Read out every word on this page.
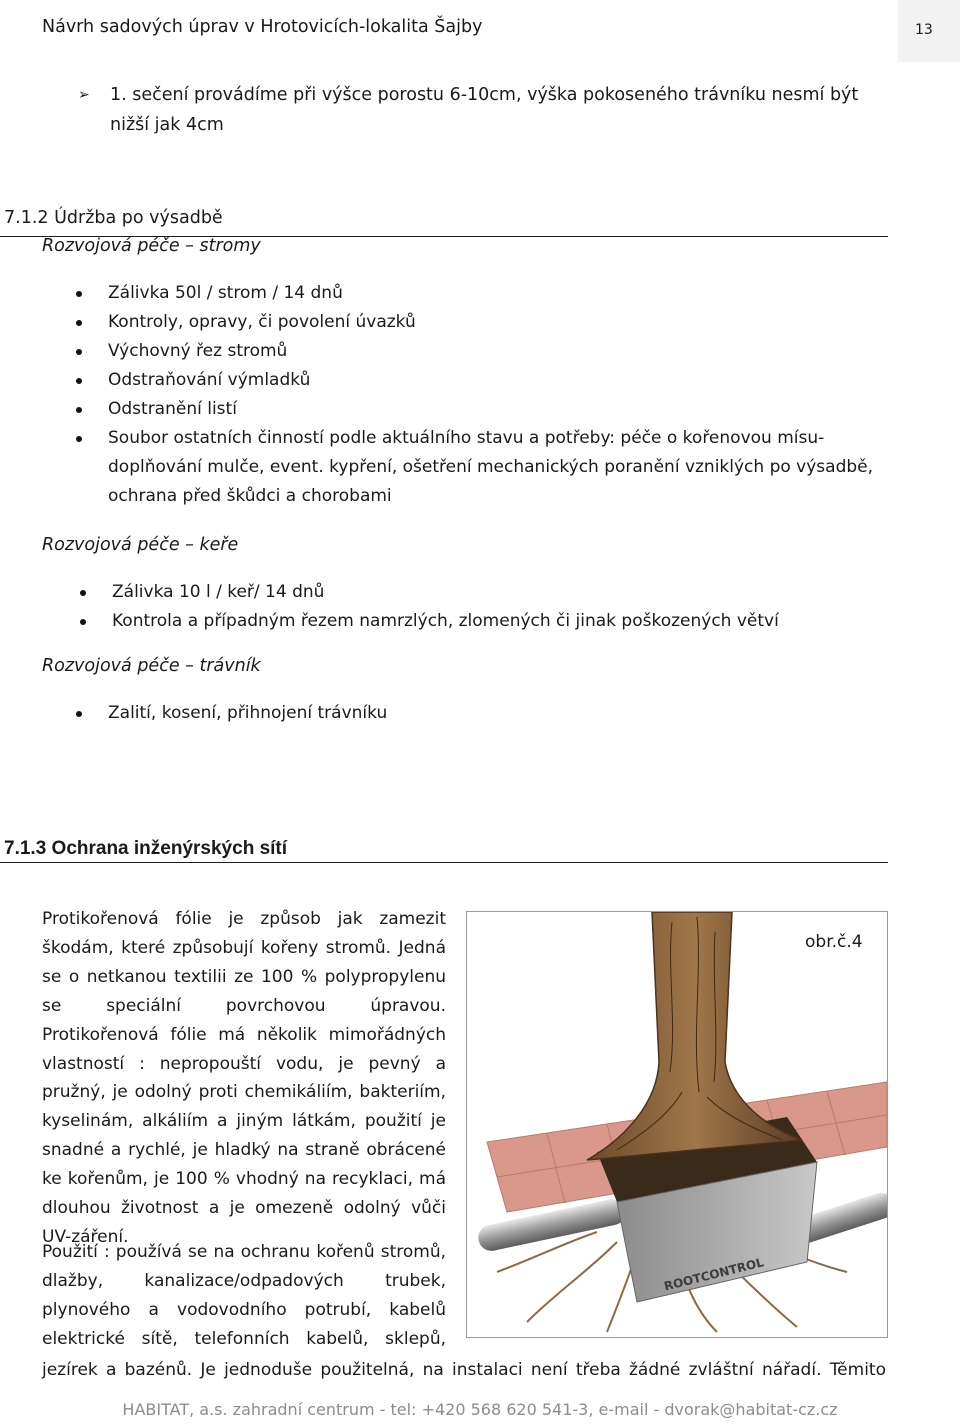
Návrh sadových úprav v Hrotovicích-lokalita Šajby	13
➢ 1. sečení provádíme při výšce porostu 6-10cm, výška pokoseného trávníku nesmí být nižší jak 4cm
7.1.2 Údržba po výsadbě
Rozvojová péče – stromy
Zálivka 50l / strom / 14 dnů
Kontroly, opravy, či povolení úvazků
Výchovný řez stromů
Odstraňování výmladků
Odstranění listí
Soubor ostatních činností podle aktuálního stavu a potřeby: péče o kořenovou mísu- doplňování mulče, event. kypření, ošetření mechanických poranění vzniklých po výsadbě, ochrana před škůdci a chorobami
Rozvojová péče – keře
Zálivka 10 l / keř/ 14 dnů
Kontrola a případným řezem namrzlých, zlomených či jinak poškozených větví
Rozvojová péče – trávník
Zalití, kosení, přihnojení trávníku
7.1.3 Ochrana inženýrských sítí
Protikořenová fólie je způsob jak zamezit škodám, které způsobují kořeny stromů. Jedná se o netkanou textilii ze 100 % polypropylenu se speciální povrchovou úpravou. Protikořenová fólie má několik mimořádných vlastností : nepropouští vodu, je pevný a pružný, je odolný proti chemikáliím, bakteriím, kyselinám, alkáliím a jiným látkám, použití je snadné a rychlé, je hladký na straně obrácené ke kořenům, je 100 % vhodný na recyklaci, má dlouhou životnost a je omezeně odolný vůči UV-záření.
Použití : používá se na ochranu kořenů stromů, dlažby, kanalizace/odpadových trubek, plynového a vodovodního potrubí, kabelů elektrické sítě, telefonních kabelů, sklepů,
ROOTCONTROL
obr.č.4
jezírek a bazénů. Je jednoduše použitelná, na instalaci není třeba žádné zvláštní nářadí. Těmito
HABITAT, a.s. zahradní centrum - tel: +420 568 620 541-3, e-mail - dvorak@habitat-cz.cz
